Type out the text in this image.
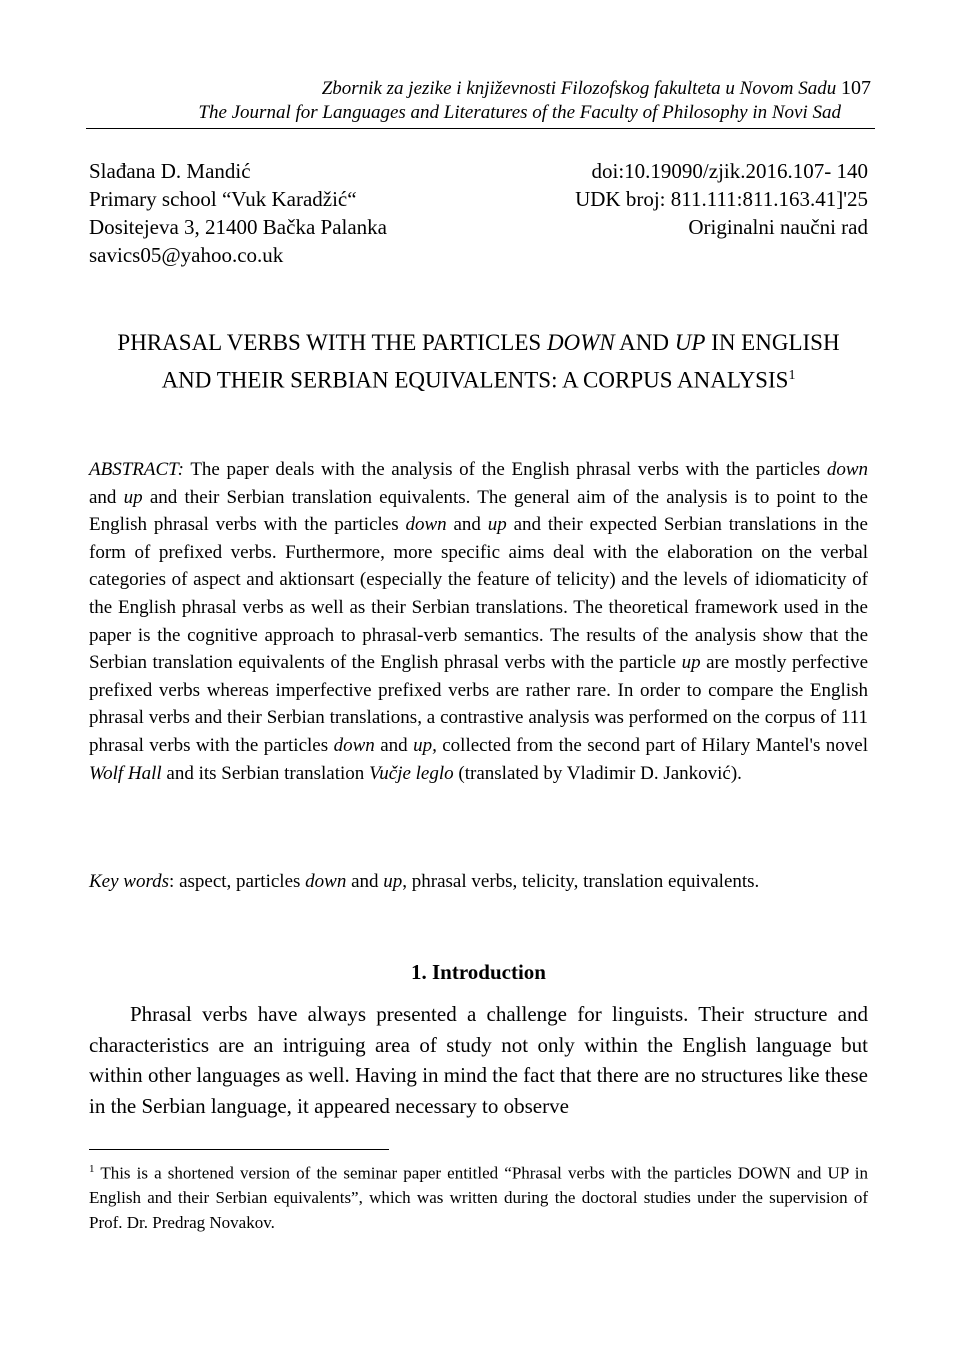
Zbornik za jezike i književnosti Filozofskog fakulteta u Novom Sadu 107
The Journal for Languages and Literatures of the Faculty of Philosophy in Novi Sad
Slađana D. Mandić
Primary school “Vuk Karadžić“
Dositejeva 3, 21400 Bačka Palanka
savics05@yahoo.co.uk
doi:10.19090/zjik.2016.107- 140
UDK broj: 811.111:811.163.41]'25
Originalni naučni rad
PHRASAL VERBS WITH THE PARTICLES DOWN AND UP IN ENGLISH AND THEIR SERBIAN EQUIVALENTS: A CORPUS ANALYSIS$^1$
ABSTRACT: The paper deals with the analysis of the English phrasal verbs with the particles down and up and their Serbian translation equivalents. The general aim of the analysis is to point to the English phrasal verbs with the particles down and up and their expected Serbian translations in the form of prefixed verbs. Furthermore, more specific aims deal with the elaboration on the verbal categories of aspect and aktionsart (especially the feature of telicity) and the levels of idiomaticity of the English phrasal verbs as well as their Serbian translations. The theoretical framework used in the paper is the cognitive approach to phrasal-verb semantics. The results of the analysis show that the Serbian translation equivalents of the English phrasal verbs with the particle up are mostly perfective prefixed verbs whereas imperfective prefixed verbs are rather rare. In order to compare the English phrasal verbs and their Serbian translations, a contrastive analysis was performed on the corpus of 111 phrasal verbs with the particles down and up, collected from the second part of Hilary Mantel's novel Wolf Hall and its Serbian translation Vučje leglo (translated by Vladimir D. Janković).
Key words: aspect, particles down and up, phrasal verbs, telicity, translation equivalents.
1. Introduction
Phrasal verbs have always presented a challenge for linguists. Their structure and characteristics are an intriguing area of study not only within the English language but within other languages as well. Having in mind the fact that there are no structures like these in the Serbian language, it appeared necessary to observe
$^1$ This is a shortened version of the seminar paper entitled “Phrasal verbs with the particles DOWN and UP in English and their Serbian equivalents”, which was written during the doctoral studies under the supervision of Prof. Dr. Predrag Novakov.
